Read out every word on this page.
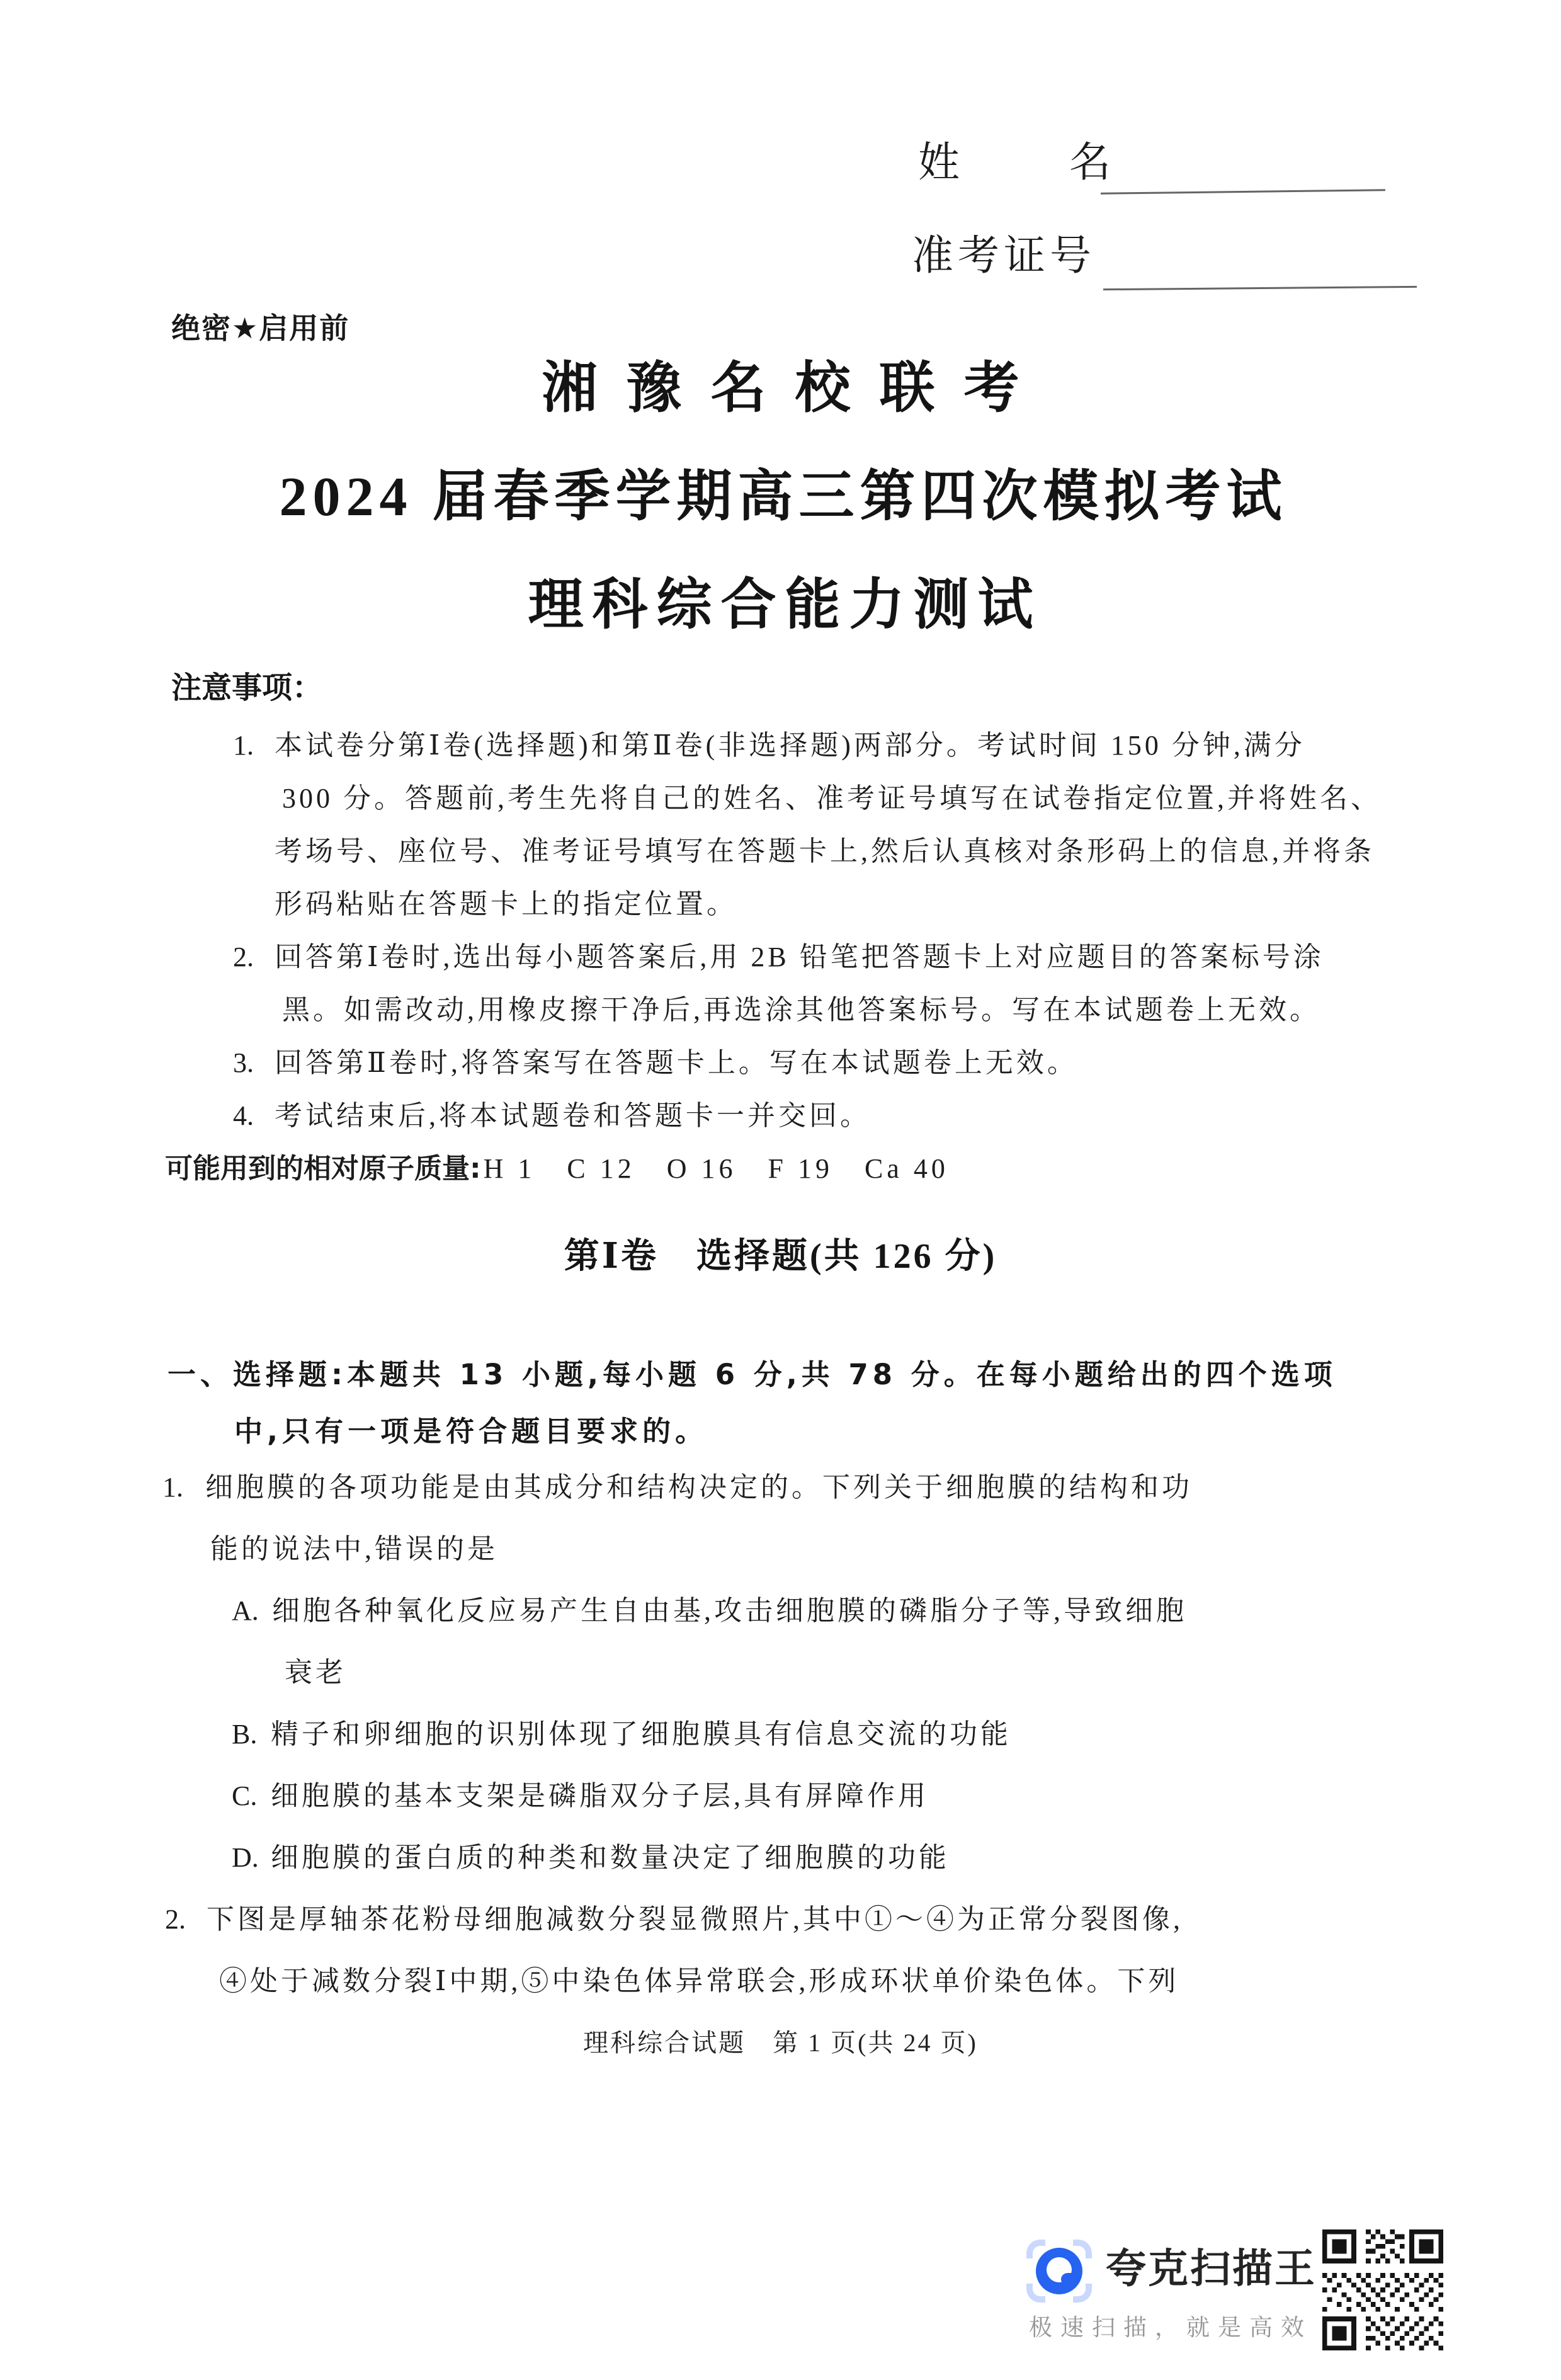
姓	名
准考证号
绝密★启用前
湘豫名校联考
2024 届春季学期高三第四次模拟考试
理科综合能力测试
注意事项：
1. 本试卷分第Ⅰ卷(选择题)和第Ⅱ卷(非选择题)两部分。考试时间 150 分钟,满分
300 分。答题前,考生先将自己的姓名、准考证号填写在试卷指定位置,并将姓名、
考场号、座位号、准考证号填写在答题卡上,然后认真核对条形码上的信息,并将条
形码粘贴在答题卡上的指定位置。
2. 回答第Ⅰ卷时,选出每小题答案后,用 2B 铅笔把答题卡上对应题目的答案标号涂
黑。如需改动,用橡皮擦干净后,再选涂其他答案标号。写在本试题卷上无效。
3. 回答第Ⅱ卷时,将答案写在答题卡上。写在本试题卷上无效。
4. 考试结束后,将本试题卷和答题卡一并交回。
可能用到的相对原子质量: H 1　C 12　O 16　F 19　Ca 40
第Ⅰ卷　选择题(共 126 分)
一、选择题:本题共 13 小题,每小题 6 分,共 78 分。在每小题给出的四个选项
中,只有一项是符合题目要求的。
1. 细胞膜的各项功能是由其成分和结构决定的。下列关于细胞膜的结构和功
能的说法中,错误的是
A. 细胞各种氧化反应易产生自由基,攻击细胞膜的磷脂分子等,导致细胞
衰老
B. 精子和卵细胞的识别体现了细胞膜具有信息交流的功能
C. 细胞膜的基本支架是磷脂双分子层,具有屏障作用
D. 细胞膜的蛋白质的种类和数量决定了细胞膜的功能
2. 下图是厚轴茶花粉母细胞减数分裂显微照片,其中①～④为正常分裂图像,
④处于减数分裂Ⅰ中期,⑤中染色体异常联会,形成环状单价染色体。下列
理科综合试题　第 1 页(共 24 页)
夸克扫描王
极速扫描，就是高效
